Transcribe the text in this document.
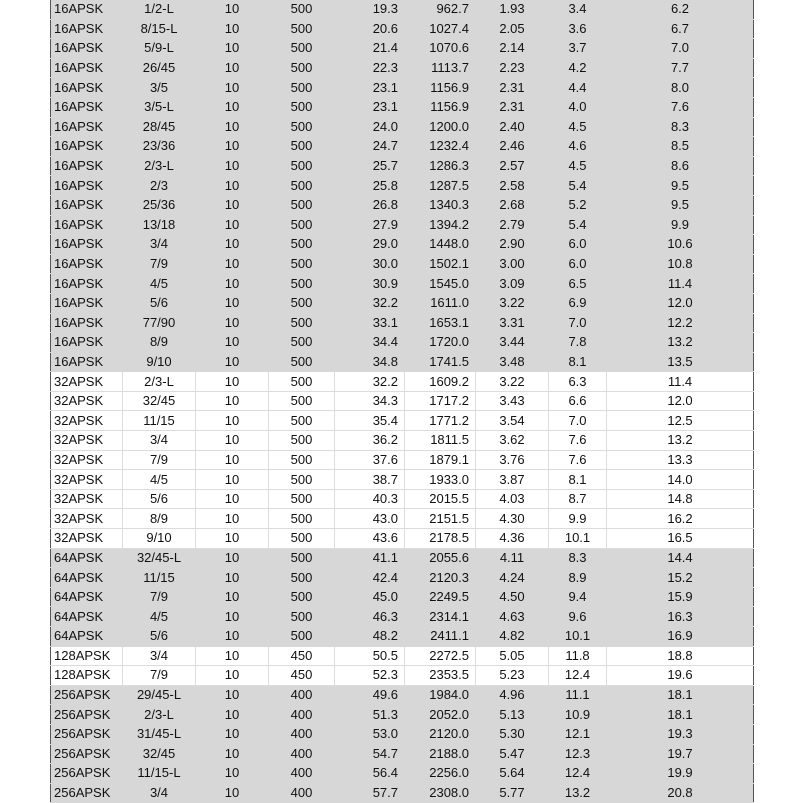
16APSK	1/2-L	10	500	19.3	962.7	1.93	3.4	6.2
16APSK	8/15-L	10	500	20.6	1027.4	2.05	3.6	6.7
16APSK	5/9-L	10	500	21.4	1070.6	2.14	3.7	7.0
16APSK	26/45	10	500	22.3	1113.7	2.23	4.2	7.7
16APSK	3/5	10	500	23.1	1156.9	2.31	4.4	8.0
16APSK	3/5-L	10	500	23.1	1156.9	2.31	4.0	7.6
16APSK	28/45	10	500	24.0	1200.0	2.40	4.5	8.3
16APSK	23/36	10	500	24.7	1232.4	2.46	4.6	8.5
16APSK	2/3-L	10	500	25.7	1286.3	2.57	4.5	8.6
16APSK	2/3	10	500	25.8	1287.5	2.58	5.4	9.5
16APSK	25/36	10	500	26.8	1340.3	2.68	5.2	9.5
16APSK	13/18	10	500	27.9	1394.2	2.79	5.4	9.9
16APSK	3/4	10	500	29.0	1448.0	2.90	6.0	10.6
16APSK	7/9	10	500	30.0	1502.1	3.00	6.0	10.8
16APSK	4/5	10	500	30.9	1545.0	3.09	6.5	11.4
16APSK	5/6	10	500	32.2	1611.0	3.22	6.9	12.0
16APSK	77/90	10	500	33.1	1653.1	3.31	7.0	12.2
16APSK	8/9	10	500	34.4	1720.0	3.44	7.8	13.2
16APSK	9/10	10	500	34.8	1741.5	3.48	8.1	13.5
32APSK	2/3-L	10	500	32.2	1609.2	3.22	6.3	11.4
32APSK	32/45	10	500	34.3	1717.2	3.43	6.6	12.0
32APSK	11/15	10	500	35.4	1771.2	3.54	7.0	12.5
32APSK	3/4	10	500	36.2	1811.5	3.62	7.6	13.2
32APSK	7/9	10	500	37.6	1879.1	3.76	7.6	13.3
32APSK	4/5	10	500	38.7	1933.0	3.87	8.1	14.0
32APSK	5/6	10	500	40.3	2015.5	4.03	8.7	14.8
32APSK	8/9	10	500	43.0	2151.5	4.30	9.9	16.2
32APSK	9/10	10	500	43.6	2178.5	4.36	10.1	16.5
64APSK	32/45-L	10	500	41.1	2055.6	4.11	8.3	14.4
64APSK	11/15	10	500	42.4	2120.3	4.24	8.9	15.2
64APSK	7/9	10	500	45.0	2249.5	4.50	9.4	15.9
64APSK	4/5	10	500	46.3	2314.1	4.63	9.6	16.3
64APSK	5/6	10	500	48.2	2411.1	4.82	10.1	16.9
128APSK	3/4	10	450	50.5	2272.5	5.05	11.8	18.8
128APSK	7/9	10	450	52.3	2353.5	5.23	12.4	19.6
256APSK	29/45-L	10	400	49.6	1984.0	4.96	11.1	18.1
256APSK	2/3-L	10	400	51.3	2052.0	5.13	10.9	18.1
256APSK	31/45-L	10	400	53.0	2120.0	5.30	12.1	19.3
256APSK	32/45	10	400	54.7	2188.0	5.47	12.3	19.7
256APSK	11/15-L	10	400	56.4	2256.0	5.64	12.4	19.9
256APSK	3/4	10	400	57.7	2308.0	5.77	13.2	20.8
